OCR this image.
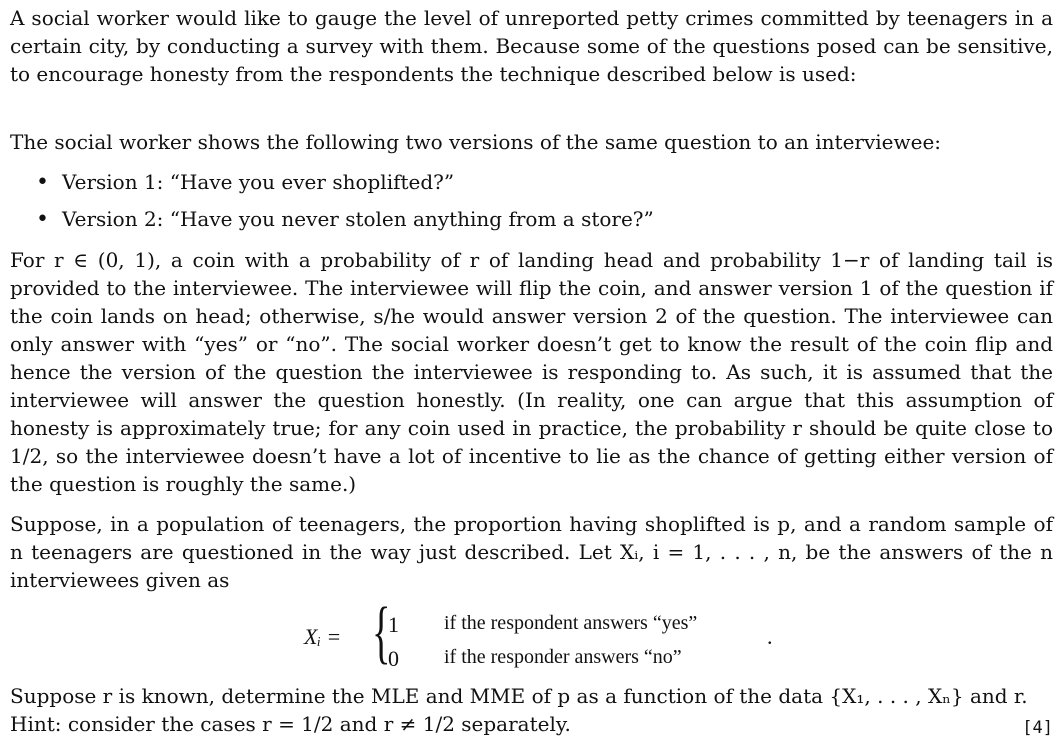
A social worker would like to gauge the level of unreported petty crimes committed by teenagers in a certain city, by conducting a survey with them. Because some of the questions posed can be sensitive, to encourage honesty from the respondents the technique described below is used:

The social worker shows the following two versions of the same question to an interviewee:

• Version 1: “Have you ever shoplifted?”
• Version 2: “Have you never stolen anything from a store?”

For r ∈ (0, 1), a coin with a probability of r of landing head and probability 1−r of landing tail is provided to the interviewee. The interviewee will flip the coin, and answer version 1 of the question if the coin lands on head; otherwise, s/he would answer version 2 of the question. The interviewee can only answer with “yes” or “no”. The social worker doesn’t get to know the result of the coin flip and hence the version of the question the interviewee is responding to. As such, it is assumed that the interviewee will answer the question honestly. (In reality, one can argue that this assumption of honesty is approximately true; for any coin used in practice, the probability r should be quite close to 1/2, so the interviewee doesn’t have a lot of incentive to lie as the chance of getting either version of the question is roughly the same.)

Suppose, in a population of teenagers, the proportion having shoplifted is p, and a random sample of n teenagers are questioned in the way just described. Let Xᵢ, i = 1, . . . , n, be the answers of the n interviewees given as

Xᵢ = {
1 if the respondent answers “yes”
0 if the responder answers “no”
.

Suppose r is known, determine the MLE and MME of p as a function of the data {X₁, . . . , Xₙ} and r.

Hint: consider the cases r = 1/2 and r ≠ 1/2 separately.	[4]
